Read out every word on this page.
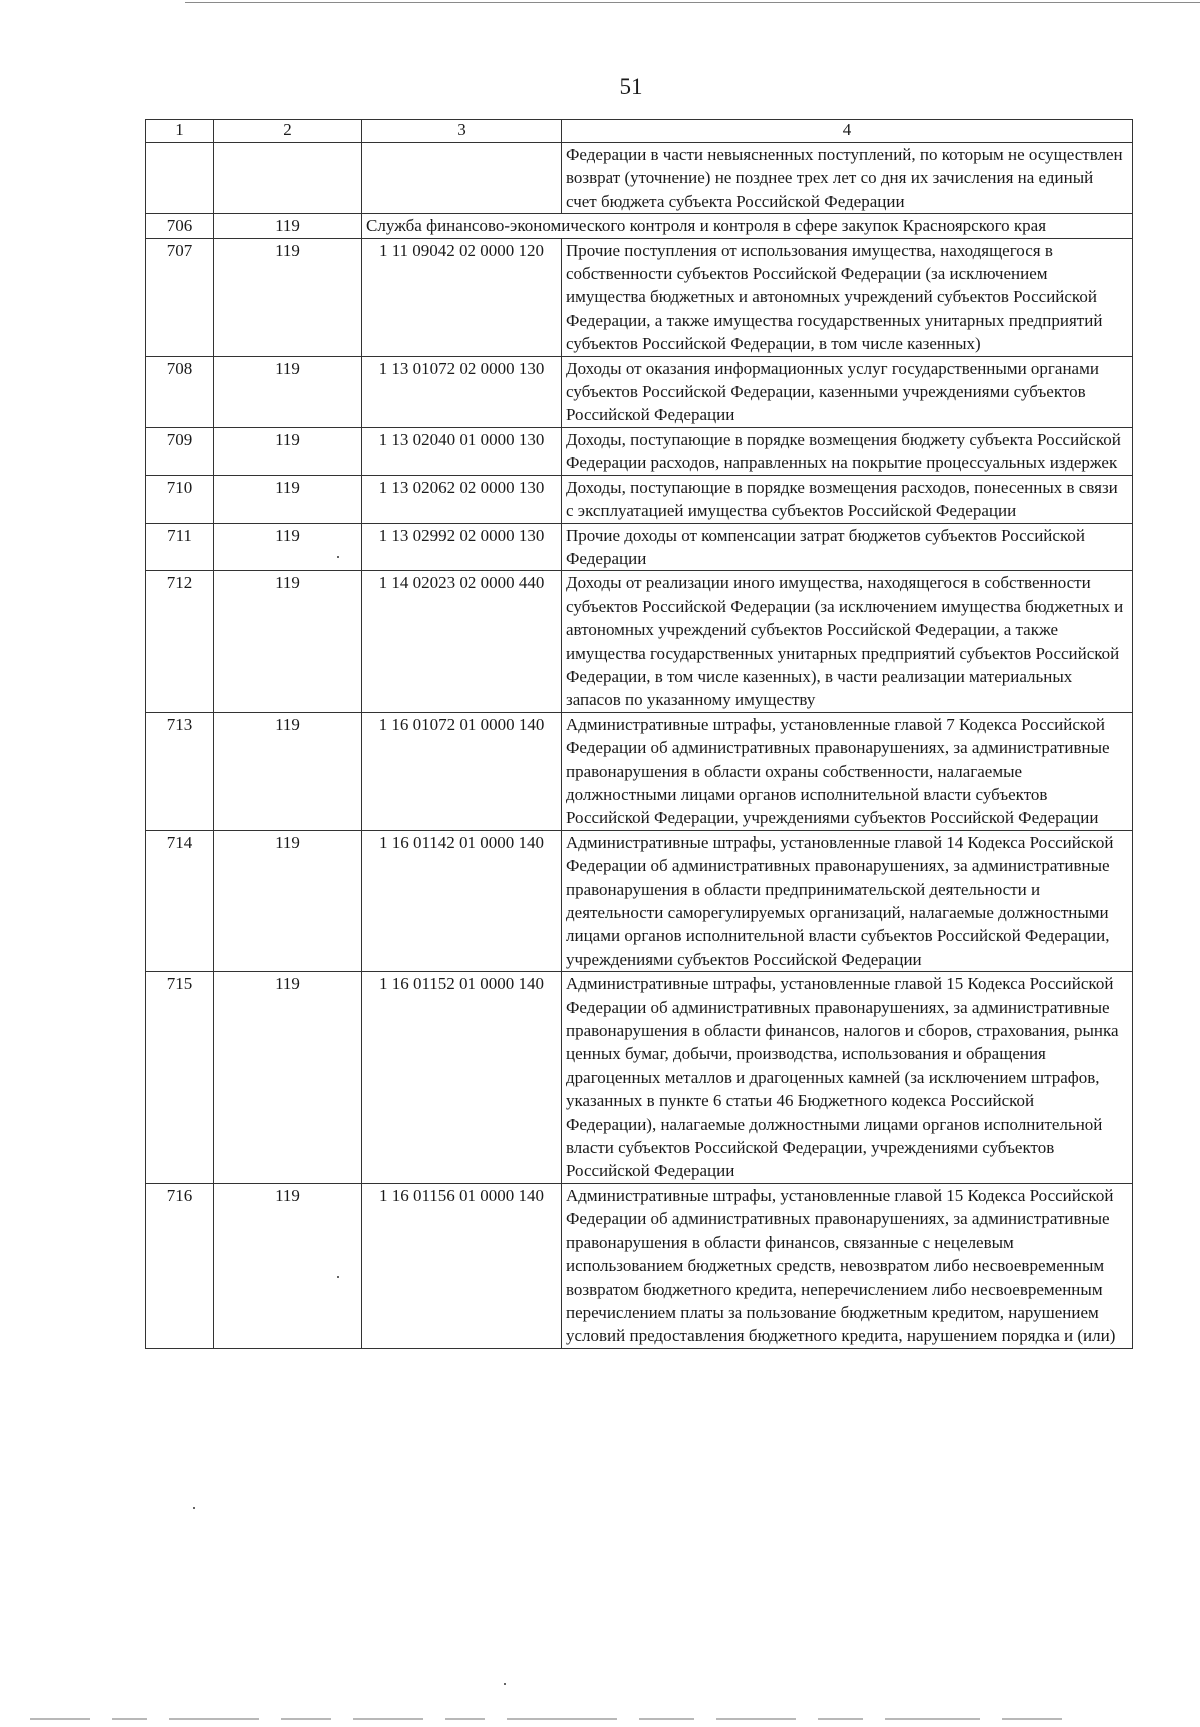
51
1	2	3	4
			Федерации в части невыясненных поступлений, по которым не осуществлен возврат (уточнение) не позднее трех лет со дня их зачисления на единый счет бюджета субъекта Российской Федерации
706	119	Служба финансово-экономического контроля и контроля в сфере закупок Красноярского края	
707	119	1 11 09042 02 0000 120	Прочие поступления от использования имущества, находящегося в собственности субъектов Российской Федерации (за исключением имущества бюджетных и автономных учреждений субъектов Российской Федерации, а также имущества государственных унитарных предприятий субъектов Российской Федерации, в том числе казенных)
708	119	1 13 01072 02 0000 130	Доходы от оказания информационных услуг государственными органами субъектов Российской Федерации, казенными учреждениями субъектов Российской Федерации
709	119	1 13 02040 01 0000 130	Доходы, поступающие в порядке возмещения бюджету субъекта Российской Федерации расходов, направленных на покрытие процессуальных издержек
710	119	1 13 02062 02 0000 130	Доходы, поступающие в порядке возмещения расходов, понесенных в связи с эксплуатацией имущества субъектов Российской Федерации
711	119	1 13 02992 02 0000 130	Прочие доходы от компенсации затрат бюджетов субъектов Российской Федерации
712	119	1 14 02023 02 0000 440	Доходы от реализации иного имущества, находящегося в собственности субъектов Российской Федерации (за исключением имущества бюджетных и автономных учреждений субъектов Российской Федерации, а также имущества государственных унитарных предприятий субъектов Российской Федерации, в том числе казенных), в части реализации материальных запасов по указанному имуществу
713	119	1 16 01072 01 0000 140	Административные штрафы, установленные главой 7 Кодекса Российской Федерации об административных правонарушениях, за административные правонарушения в области охраны собственности, налагаемые должностными лицами органов исполнительной власти субъектов Российской Федерации, учреждениями субъектов Российской Федерации
714	119	1 16 01142 01 0000 140	Административные штрафы, установленные главой 14 Кодекса Российской Федерации об административных правонарушениях, за административные правонарушения в области предпринимательской деятельности и деятельности саморегулируемых организаций, налагаемые должностными лицами органов исполнительной власти субъектов Российской Федерации, учреждениями субъектов Российской Федерации
715	119	1 16 01152 01 0000 140	Административные штрафы, установленные главой 15 Кодекса Российской Федерации об административных правонарушениях, за административные правонарушения в области финансов, налогов и сборов, страхования, рынка ценных бумаг, добычи, производства, использования и обращения драгоценных металлов и драгоценных камней (за исключением штрафов, указанных в пункте 6 статьи 46 Бюджетного кодекса Российской Федерации), налагаемые должностными лицами органов исполнительной власти субъектов Российской Федерации, учреждениями субъектов Российской Федерации
716	119	1 16 01156 01 0000 140	Административные штрафы, установленные главой 15 Кодекса Российской Федерации об административных правонарушениях, за административные правонарушения в области финансов, связанные с нецелевым использованием бюджетных средств, невозвратом либо несвоевременным возвратом бюджетного кредита, неперечислением либо несвоевременным перечислением платы за пользование бюджетным кредитом, нарушением условий предоставления бюджетного кредита, нарушением порядка и (или)
